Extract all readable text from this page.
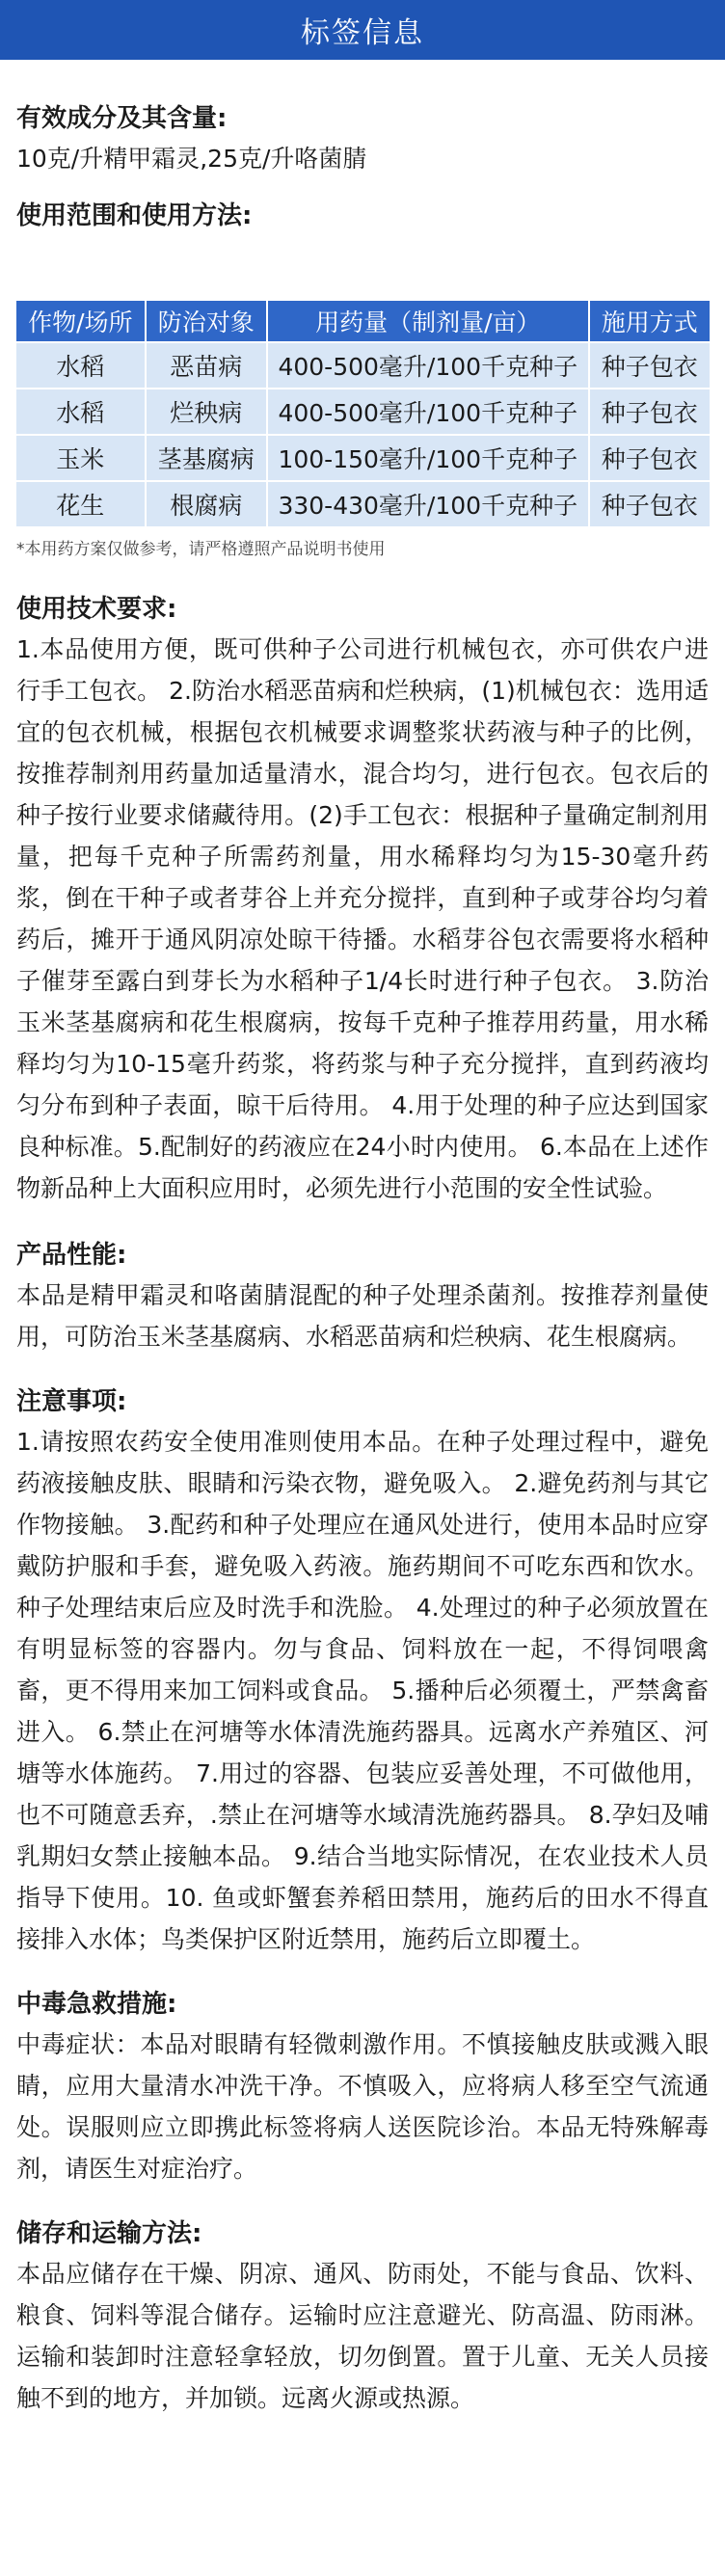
标签信息
有效成分及其含量:

10克/升精甲霜灵,25克/升咯菌腈

使用范围和使用方法:
作物/场所	防治对象	用药量（制剂量/亩）	施用方式
水稻	恶苗病	400-500毫升/100千克种子	种子包衣
水稻	烂秧病	400-500毫升/100千克种子	种子包衣
玉米	茎基腐病	100-150毫升/100千克种子	种子包衣
花生	根腐病	330-430毫升/100千克种子	种子包衣
*本用药方案仅做参考，请严格遵照产品说明书使用
使用技术要求:

1.本品使用方便，既可供种子公司进行机械包衣，亦可供农户进行手工包衣。 2.防治水稻恶苗病和烂秧病，(1)机械包衣：选用适宜的包衣机械，根据包衣机械要求调整浆状药液与种子的比例，按推荐制剂用药量加适量清水，混合均匀，进行包衣。包衣后的种子按行业要求储藏待用。(2)手工包衣：根据种子量确定制剂用量，把每千克种子所需药剂量，用水稀释均匀为15-30毫升药浆，倒在干种子或者芽谷上并充分搅拌，直到种子或芽谷均匀着药后，摊开于通风阴凉处晾干待播。水稻芽谷包衣需要将水稻种子催芽至露白到芽长为水稻种子1/4长时进行种子包衣。 3.防治玉米茎基腐病和花生根腐病，按每千克种子推荐用药量，用水稀释均匀为10-15毫升药浆，将药浆与种子充分搅拌，直到药液均匀分布到种子表面，晾干后待用。 4.用于处理的种子应达到国家良种标准。5.配制好的药液应在24小时内使用。 6.本品在上述作物新品种上大面积应用时，必须先进行小范围的安全性试验。

产品性能:

本品是精甲霜灵和咯菌腈混配的种子处理杀菌剂。按推荐剂量使用，可防治玉米茎基腐病、水稻恶苗病和烂秧病、花生根腐病。

注意事项:

1.请按照农药安全使用准则使用本品。在种子处理过程中，避免药液接触皮肤、眼睛和污染衣物，避免吸入。 2.避免药剂与其它作物接触。 3.配药和种子处理应在通风处进行，使用本品时应穿戴防护服和手套，避免吸入药液。施药期间不可吃东西和饮水。种子处理结束后应及时洗手和洗脸。 4.处理过的种子必须放置在有明显标签的容器内。勿与食品、饲料放在一起，不得饲喂禽畜，更不得用来加工饲料或食品。 5.播种后必须覆土，严禁禽畜进入。 6.禁止在河塘等水体清洗施药器具。远离水产养殖区、河塘等水体施药。 7.用过的容器、包装应妥善处理，不可做他用，也不可随意丢弃，.禁止在河塘等水域清洗施药器具。 8.孕妇及哺乳期妇女禁止接触本品。 9.结合当地实际情况，在农业技术人员指导下使用。10. 鱼或虾蟹套养稻田禁用，施药后的田水不得直接排入水体；鸟类保护区附近禁用，施药后立即覆土。

中毒急救措施:

中毒症状：本品对眼睛有轻微刺激作用。不慎接触皮肤或溅入眼睛，应用大量清水冲洗干净。不慎吸入，应将病人移至空气流通处。误服则应立即携此标签将病人送医院诊治。本品无特殊解毒剂，请医生对症治疗。

储存和运输方法:

本品应储存在干燥、阴凉、通风、防雨处，不能与食品、饮料、粮食、饲料等混合储存。运输时应注意避光、防高温、防雨淋。运输和装卸时注意轻拿轻放，切勿倒置。置于儿童、无关人员接触不到的地方，并加锁。远离火源或热源。
